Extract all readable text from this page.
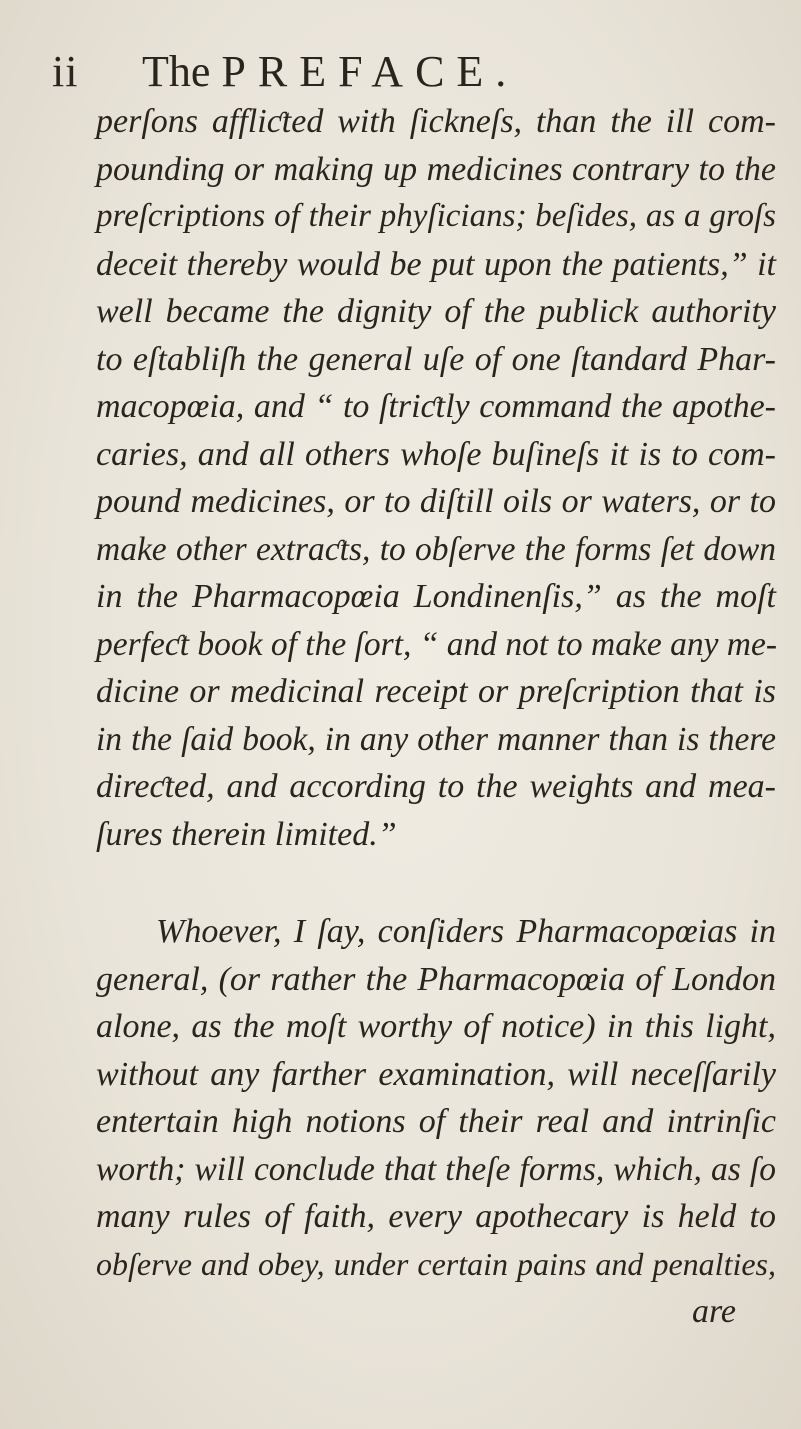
ii The PREFACE.
perſons affliƈted with ſickneſs, than the ill com-
pounding or making up medicines contrary to the
preſcriptions of their phyſicians; beſides, as a groſs
deceit thereby would be put upon the patients,” it
well became the dignity of the publick authority
to eſtabliſh the general uſe of one ſtandard Phar-
macopœia, and “ to ſtriƈtly command the apothe-
caries, and all others whoſe buſineſs it is to com-
pound medicines, or to diſtill oils or waters, or to
make other extraƈts, to obſerve the forms ſet down
in the Pharmacopœia Londinenſis,” as the moſt
perfeƈt book of the ſort, “ and not to make any me-
dicine or medicinal receipt or preſcription that is
in the ſaid book, in any other manner than is there
direƈted, and according to the weights and mea-
ſures therein limited.”
Whoever, I ſay, conſiders Pharmacopœias in
general, (or rather the Pharmacopœia of London
alone, as the moſt worthy of notice) in this light,
without any farther examination, will neceſſarily
entertain high notions of their real and intrinſic
worth; will conclude that theſe forms, which, as ſo
many rules of faith, every apothecary is held to
obſerve and obey, under certain pains and penalties,
are
